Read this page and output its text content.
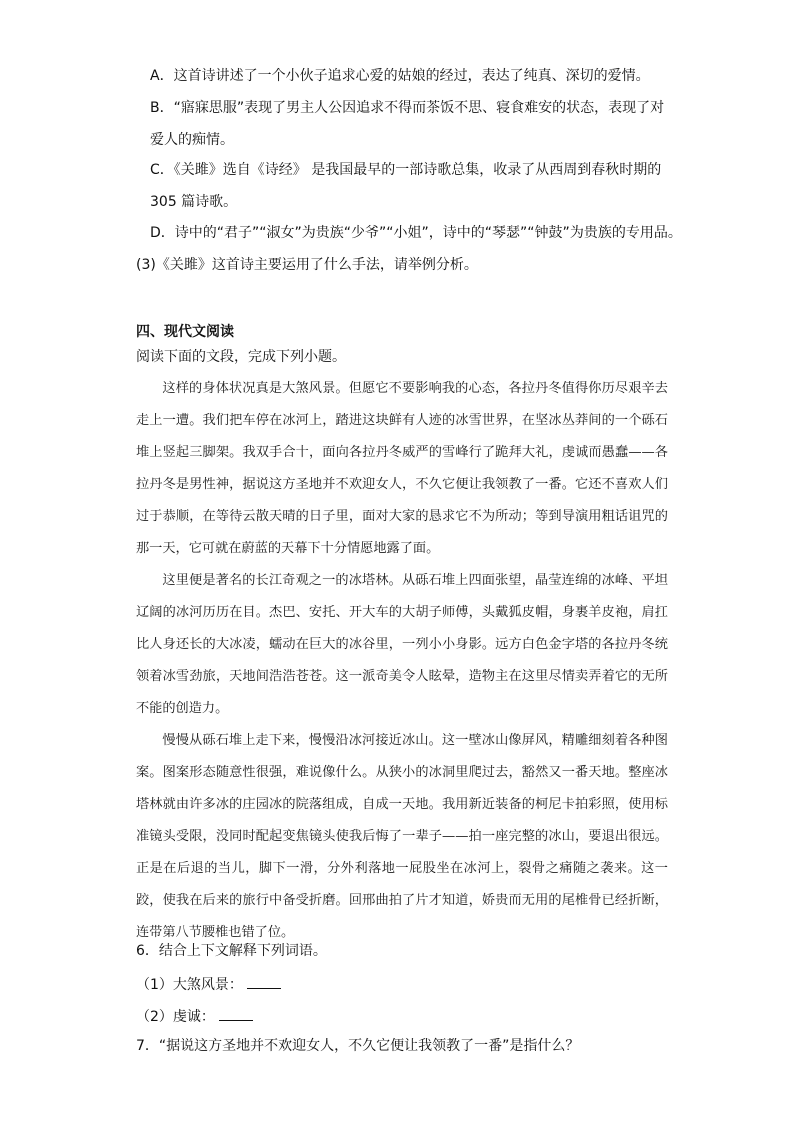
A．这首诗讲述了一个小伙子追求心爱的姑娘的经过，表达了纯真、深切的爱情。
B．“寤寐思服”表现了男主人公因追求不得而茶饭不思、寝食难安的状态，表现了对
爱人的痴情。
C．《关雎》选自《诗经》 是我国最早的一部诗歌总集，收录了从西周到春秋时期的
305 篇诗歌。
D．诗中的“君子”“淑女”为贵族“少爷”“小姐”，诗中的“琴瑟”“钟鼓”为贵族的专用品。
(3)《关雎》这首诗主要运用了什么手法，请举例分析。
四、现代文阅读
阅读下面的文段，完成下列小题。

这样的身体状况真是大煞风景。但愿它不要影响我的心态，各拉丹冬值得你历尽艰辛去走上一遭。我们把车停在冰河上，踏进这块鲜有人迹的冰雪世界，在坚冰丛莽间的一个砾石堆上竖起三脚架。我双手合十，面向各拉丹冬威严的雪峰行了跪拜大礼，虔诚而愚蠢——各拉丹冬是男性神，据说这方圣地并不欢迎女人，不久它便让我领教了一番。它还不喜欢人们过于恭顺，在等待云散天晴的日子里，面对大家的恳求它不为所动；等到导演用粗话诅咒的那一天，它可就在蔚蓝的天幕下十分情愿地露了面。

这里便是著名的长江奇观之一的冰塔林。从砾石堆上四面张望，晶莹连绵的冰峰、平坦辽阔的冰河历历在目。杰巴、安托、开大车的大胡子师傅，头戴狐皮帽，身裹羊皮袍，肩扛比人身还长的大冰凌，蠕动在巨大的冰谷里，一列小小身影。远方白色金字塔的各拉丹冬统领着冰雪劲旅，天地间浩浩苍苍。这一派奇美令人眩晕，造物主在这里尽情卖弄着它的无所不能的创造力。

慢慢从砾石堆上走下来，慢慢沿冰河接近冰山。这一壁冰山像屏风，精雕细刻着各种图案。图案形态随意性很强，难说像什么。从狭小的冰洞里爬过去，豁然又一番天地。整座冰塔林就由许多冰的庄园冰的院落组成，自成一天地。我用新近装备的柯尼卡拍彩照，使用标准镜头受限，没同时配起变焦镜头使我后悔了一辈子——拍一座完整的冰山，要退出很远。正是在后退的当儿，脚下一滑，分外利落地一屁股坐在冰河上，裂骨之痛随之袭来。这一跤，使我在后来的旅行中备受折磨。回邢曲拍了片才知道，娇贵而无用的尾椎骨已经折断，连带第八节腰椎也错了位。

6．结合上下文解释下列词语。
（1）大煞风景：
（2）虔诚：
7．“据说这方圣地并不欢迎女人，不久它便让我领教了一番”是指什么？
